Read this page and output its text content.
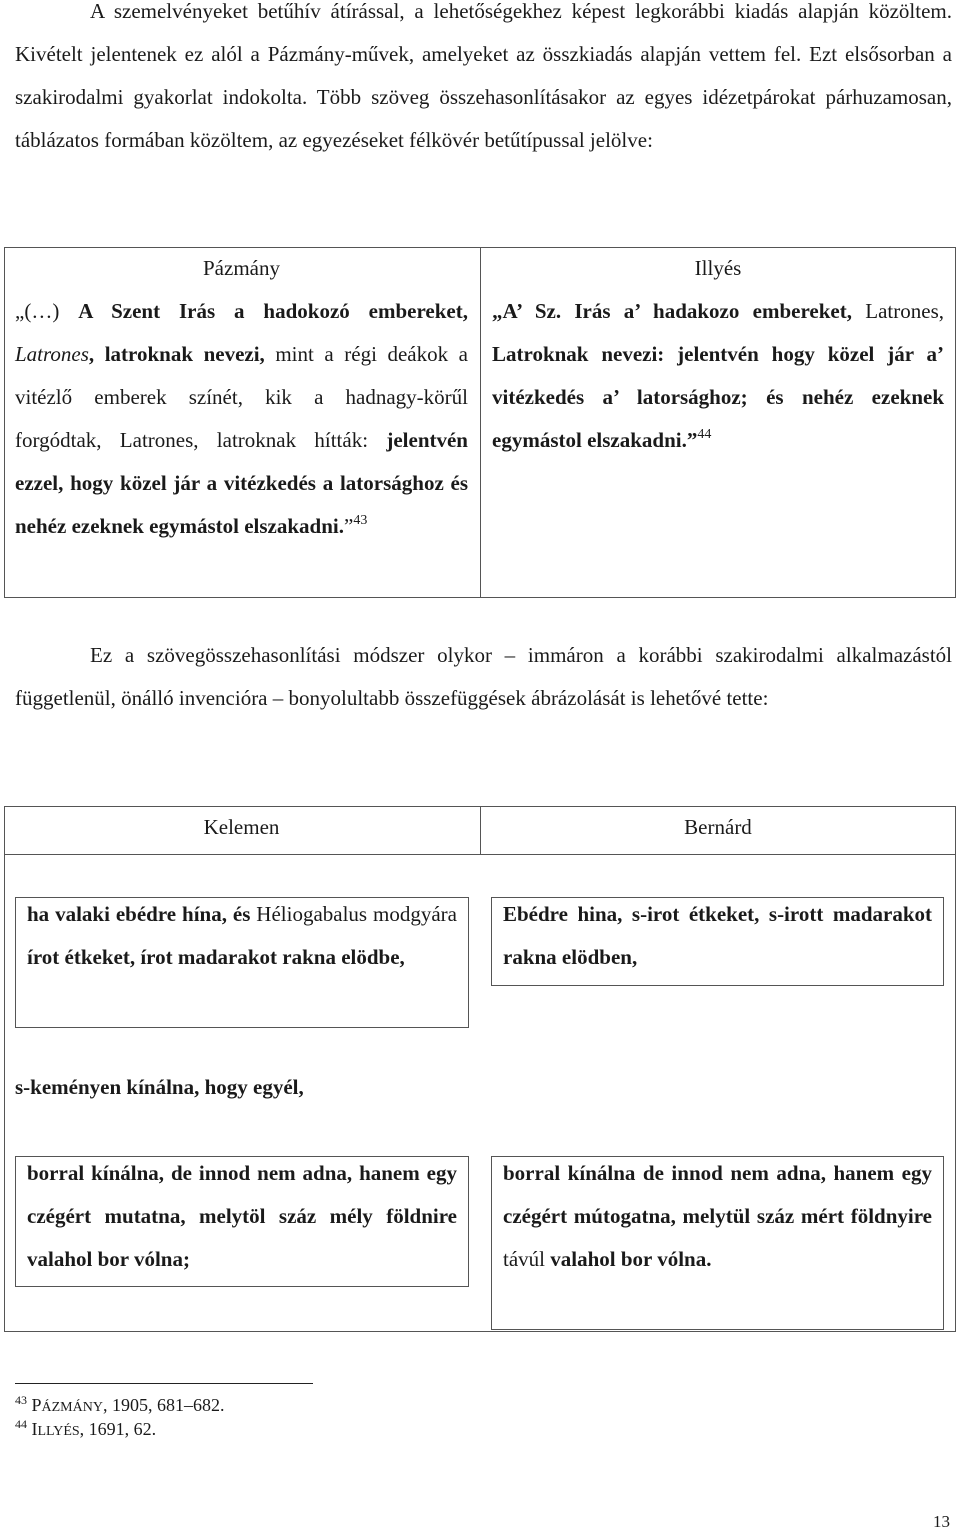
A szemelvényeket betűhív átírással, a lehetőségekhez képest legkorábbi kiadás alapján közöltem. Kivételt jelentenek ez alól a Pázmány-művek, amelyeket az összkiadás alapján vettem fel. Ezt elsősorban a szakirodalmi gyakorlat indokolta. Több szöveg összehasonlításakor az egyes idézetpárokat párhuzamosan, táblázatos formában közöltem, az egyezéseket félkövér betűtípussal jelölve:

Pázmány	Illyés

„(…) A Szent Irás a hadokozó embereket, Latrones, latroknak nevezi, mint a régi deákok a vitézlő emberek színét, kik a hadnagy-körűl forgódtak, Latrones, latroknak hítták: jelentvén ezzel, hogy közel jár a vitézkedés a latorsághoz és nehéz ezeknek egymástol elszakadni.”$^{43}$

„A’ Sz. Irás a’ hadakozo embereket, Latrones, Latroknak nevezi: jelentvén hogy közel jár a’ vitézkedés a’ latorsághoz; és nehéz ezeknek egymástol elszakadni.”$^{44}$

Ez a szövegösszehasonlítási módszer olykor – immáron a korábbi szakirodalmi alkalmazástól függetlenül, önálló invencióra – bonyolultabb összefüggések ábrázolását is lehetővé tette:

Kelemen	Bernárd

ha valaki ebédre hína, és Héliogabalus modgyára írot étkeket, írot madarakot rakna elödbe,

Ebédre hina, s-irot étkeket, s-irott madarakot rakna elödben,

s-keményen kínálna, hogy egyél,

borral kínálna, de innod nem adna, hanem egy czégért mutatna, melytöl száz mély földnire valahol bor vólna;

borral kínálna de innod nem adna, hanem egy czégért mútogatna, melytül száz mért földnyire távúl valahol bor vólna.

$^{43}$ PÁZMÁNY, 1905, 681–682.

$^{44}$ ILLYÉS, 1691, 62.

13
